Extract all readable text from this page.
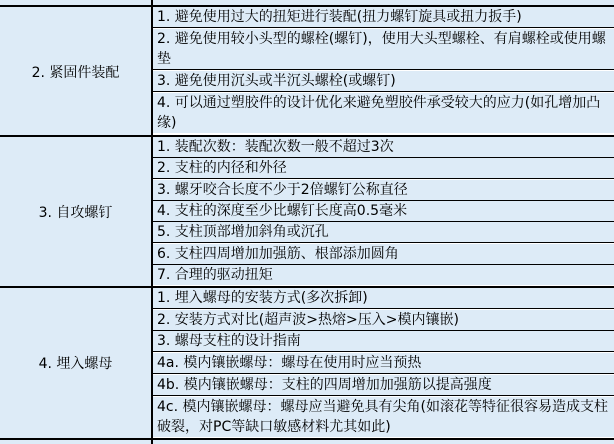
2. 紧固件装配
1. 避免使用过大的扭矩进行装配(扭力螺钉旋具或扭力扳手)
2. 避免使用较小头型的螺栓(螺钉)，使用大头型螺栓、有肩螺栓或使用螺垫
3. 避免使用沉头或半沉头螺栓(或螺钉)
4. 可以通过塑胶件的设计优化来避免塑胶件承受较大的应力(如孔增加凸缘)
3. 自攻螺钉
1. 装配次数：装配次数一般不超过3次
2. 支柱的内径和外径
3. 螺牙咬合长度不少于2倍螺钉公称直径
4. 支柱的深度至少比螺钉长度高0.5毫米
5. 支柱顶部增加斜角或沉孔
6. 支柱四周增加加强筋、根部添加圆角
7. 合理的驱动扭矩
4. 埋入螺母
1. 埋入螺母的安装方式(多次拆卸)
2. 安装方式对比(超声波>热熔>压入>模内镶嵌)
3. 螺母支柱的设计指南
4a. 模内镶嵌螺母：螺母在使用时应当预热
4b. 模内镶嵌螺母：支柱的四周增加加强筋以提高强度
4c. 模内镶嵌螺母：螺母应当避免具有尖角(如滚花等特征很容易造成支柱破裂，对PC等缺口敏感材料尤其如此)
